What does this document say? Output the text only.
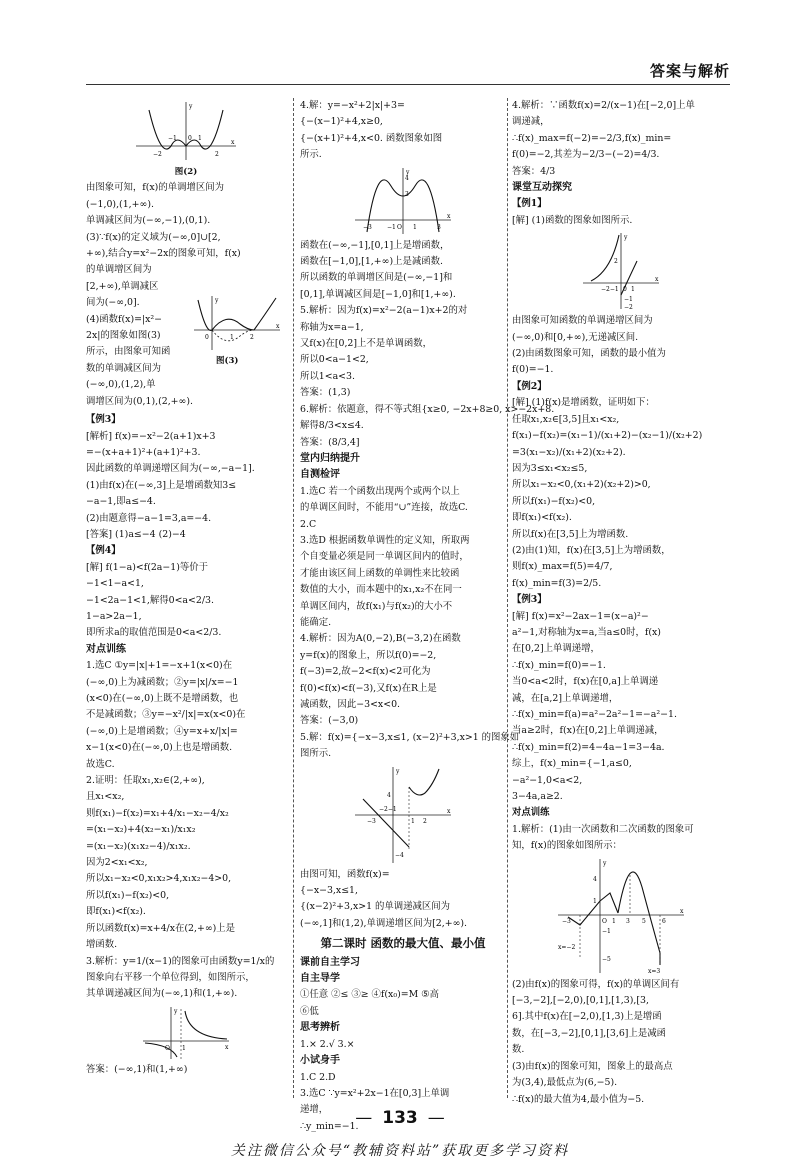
答案与解析
−2
−1 0 1
2
x
y

图(2)

由图象可知，f(x)的单调增区间为

(−1,0),(1,+∞).

单调减区间为(−∞,−1),(0,1).

(3)∵f(x)的定义域为(−∞,0]∪[2,

+∞),结合y=x²−2x的图象可知，f(x)

的单调增区间为

[2,+∞),单调减区

间为(−∞,0].

(4)函数f(x)=|x²−

2x|的图象如图(3)

所示，由图象可知函

数的单调减区间为

(−∞,0),(1,2),单

调增区间为(0,1),(2,+∞).

0	1	2
x
y

图(3)

【例3】

[解析] f(x)=−x²−2(a+1)x+3

=−(x+a+1)²+(a+1)²+3.

因此函数的单调递增区间为(−∞,−a−1].

(1)由f(x)在(−∞,3]上是增函数知3≤

−a−1,即a≤−4.

(2)由题意得−a−1=3,a=−4.

[答案] (1)a≤−4 (2)−4

【例4】

[解] f(1−a)<f(2a−1)等价于

−1<1−a<1,

−1<2a−1<1,解得0<a<2/3.

1−a>2a−1,

即所求a的取值范围是0<a<2/3.

对点训练

1.选C ①y=|x|+1=−x+1(x<0)在

(−∞,0)上为减函数；②y=|x|/x=−1

(x<0)在(−∞,0)上既不是增函数，也

不是减函数；③y=−x²/|x|=x(x<0)在

(−∞,0)上是增函数；④y=x+x/|x|=

x−1(x<0)在(−∞,0)上也是增函数.

故选C.

2.证明：任取x₁,x₂∈(2,+∞),

且x₁<x₂,

则f(x₁)−f(x₂)=x₁+4/x₁−x₂−4/x₂

=(x₁−x₂)+4(x₂−x₁)/x₁x₂

=(x₁−x₂)(x₁x₂−4)/x₁x₂.

因为2<x₁<x₂,

所以x₁−x₂<0,x₁x₂>4,x₁x₂−4>0,

所以f(x₁)−f(x₂)<0,

即f(x₁)<f(x₂).

所以函数f(x)=x+4/x在(2,+∞)上是

增函数.

3.解析：y=1/(x−1)的图象可由函数y=1/x的

图象向右平移一个单位得到，如图所示，

其单调递减区间为(−∞,1)和(1,+∞).

O 1	x
y

答案：(−∞,1)和(1,+∞)

4.解：y=−x²+2|x|+3=

{−(x−1)²+4,x≥0,

{−(x+1)²+4,x<0. 函数图象如图

所示.

4
3
−3	−1 O 1	3
x
y

函数在(−∞,−1],[0,1]上是增函数，

函数在[−1,0],[1,+∞)上是减函数.

所以函数的单调增区间是(−∞,−1]和

[0,1],单调减区间是[−1,0]和[1,+∞).

5.解析：因为f(x)=x²−2(a−1)x+2的对

称轴为x=a−1,

又f(x)在[0,2]上不是单调函数，

所以0<a−1<2,

所以1<a<3.

答案：(1,3)

6.解析：依题意，得不等式组{x≥0, −2x+8≥0, x>−2x+8.

解得8/3<x≤4.

答案：(8/3,4]

堂内归纳提升

自测检评

1.选C 若一个函数出现两个或两个以上

的单调区间时，不能用“∪”连接，故选C.

2.C

3.选D 根据函数单调性的定义知，所取两

个自变量必须是同一单调区间内的值时，

才能由该区间上函数的单调性来比较函

数值的大小，而本题中的x₁,x₂不在同一

单调区间内，故f(x₁)与f(x₂)的大小不

能确定.

4.解析：因为A(0,−2),B(−3,2)在函数

y=f(x)的图象上，所以f(0)=−2,

f(−3)=2,故−2<f(x)<2可化为

f(0)<f(x)<f(−3),又f(x)在R上是

减函数，因此−3<x<0.

答案：(−3,0)

5.解：f(x)={−x−3,x≤1, (x−2)²+3,x>1 的图象如

图所示.

−3
−2−1
1 2
4
−4
x
y

由图可知，函数f(x)=

{−x−3,x≤1,

{(x−2)²+3,x>1 的单调递减区间为

(−∞,1]和(1,2),单调递增区间为[2,+∞).

第二课时 函数的最大值、最小值

课前自主学习

自主导学

①任意 ②≤ ③≥ ④f(x₀)=M ⑤高

⑥低

思考辨析

1.× 2.√ 3.×

小试身手

1.C 2.D

3.选C ∵y=x²+2x−1在[0,3]上单调

递增，

∴y_min=−1.

4.解析：∵函数f(x)=2/(x−1)在[−2,0]上单

调递减，

∴f(x)_max=f(−2)=−2/3,f(x)_min=

f(0)=−2,其差为−2/3−(−2)=4/3.

答案：4/3

课堂互动探究

【例1】

[解] (1)函数的图象如图所示.

−2−1 0 1
2
−1
−2
x
y

由图象可知函数的单调递增区间为

(−∞,0)和[0,+∞),无递减区间.

(2)由函数图象可知，函数的最小值为

f(0)=−1.

【例2】

[解] (1)f(x)是增函数，证明如下：

任取x₁,x₂∈[3,5]且x₁<x₂,

f(x₁)−f(x₂)=(x₁−1)/(x₁+2)−(x₂−1)/(x₂+2)

=3(x₁−x₂)/(x₁+2)(x₂+2).

因为3≤x₁<x₂≤5,

所以x₁−x₂<0,(x₁+2)(x₂+2)>0,

所以f(x₁)−f(x₂)<0,

即f(x₁)<f(x₂).

所以f(x)在[3,5]上为增函数.

(2)由(1)知，f(x)在[3,5]上为增函数，

则f(x)_max=f(5)=4/7,

f(x)_min=f(3)=2/5.

【例3】

[解] f(x)=x²−2ax−1=(x−a)²−

a²−1,对称轴为x=a,当a≤0时，f(x)

在[0,2]上单调递增，

∴f(x)_min=f(0)=−1.

当0<a<2时，f(x)在[0,a]上单调递

减，在[a,2]上单调递增，

∴f(x)_min=f(a)=a²−2a²−1=−a²−1.

当a≥2时，f(x)在[0,2]上单调递减，

∴f(x)_min=f(2)=4−4a−1=3−4a.

综上，f(x)_min={−1,a≤0,

−a²−1,0<a<2,

3−4a,a≥2.

对点训练

1.解析：(1)由一次函数和二次函数的图象可

知，f(x)的图象如图所示：

4
1
−3	O 1 3 5	6
−1
−5
x=−2
x=3
x
y

(2)由f(x)的图象可得，f(x)的单调区间有

[−3,−2],[−2,0),[0,1],[1,3),[3,

6].其中f(x)在[−2,0),[1,3)上是增函

数，在[−3,−2],[0,1],[3,6]上是减函

数.

(3)由f(x)的图象可知，图象上的最高点

为(3,4),最低点为(6,−5).

∴f(x)的最大值为4,最小值为−5.

— 133 —
关注微信公众号“教辅资料站”获取更多学习资料
